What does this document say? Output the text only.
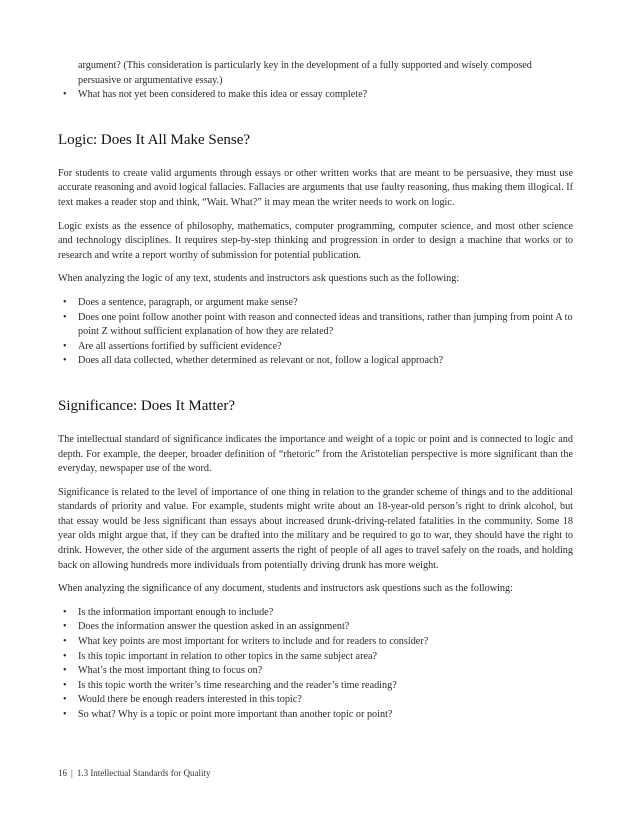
argument? (This consideration is particularly key in the development of a fully supported and wisely composed persuasive or argumentative essay.)
• What has not yet been considered to make this idea or essay complete?
Logic: Does It All Make Sense?

For students to create valid arguments through essays or other written works that are meant to be persuasive, they must use accurate reasoning and avoid logical fallacies. Fallacies are arguments that use faulty reasoning, thus making them illogical. If text makes a reader stop and think, “Wait. What?” it may mean the writer needs to work on logic.

Logic exists as the essence of philosophy, mathematics, computer programming, computer science, and most other science and technology disciplines. It requires step-by-step thinking and progression in order to design a machine that works or to research and write a report worthy of submission for potential publication.

When analyzing the logic of any text, students and instructors ask questions such as the following:

• Does a sentence, paragraph, or argument make sense?
• Does one point follow another point with reason and connected ideas and transitions, rather than jumping from point A to point Z without sufficient explanation of how they are related?
• Are all assertions fortified by sufficient evidence?
• Does all data collected, whether determined as relevant or not, follow a logical approach?
Significance: Does It Matter?

The intellectual standard of significance indicates the importance and weight of a topic or point and is connected to logic and depth. For example, the deeper, broader definition of “rhetoric” from the Aristotelian perspective is more significant than the everyday, newspaper use of the word.

Significance is related to the level of importance of one thing in relation to the grander scheme of things and to the additional standards of priority and value. For example, students might write about an 18-year-old person’s right to drink alcohol, but that essay would be less significant than essays about increased drunk-driving-related fatalities in the community. Some 18 year olds might argue that, if they can be drafted into the military and be required to go to war, they should have the right to drink. However, the other side of the argument asserts the right of people of all ages to travel safely on the roads, and holding back on allowing hundreds more individuals from potentially driving drunk has more weight.

When analyzing the significance of any document, students and instructors ask questions such as the following:

• Is the information important enough to include?
• Does the information answer the question asked in an assignment?
• What key points are most important for writers to include and for readers to consider?
• Is this topic important in relation to other topics in the same subject area?
• What’s the most important thing to focus on?
• Is this topic worth the writer’s time researching and the reader’s time reading?
• Would there be enough readers interested in this topic?
• So what? Why is a topic or point more important than another topic or point?
16 | 1.3 Intellectual Standards for Quality
